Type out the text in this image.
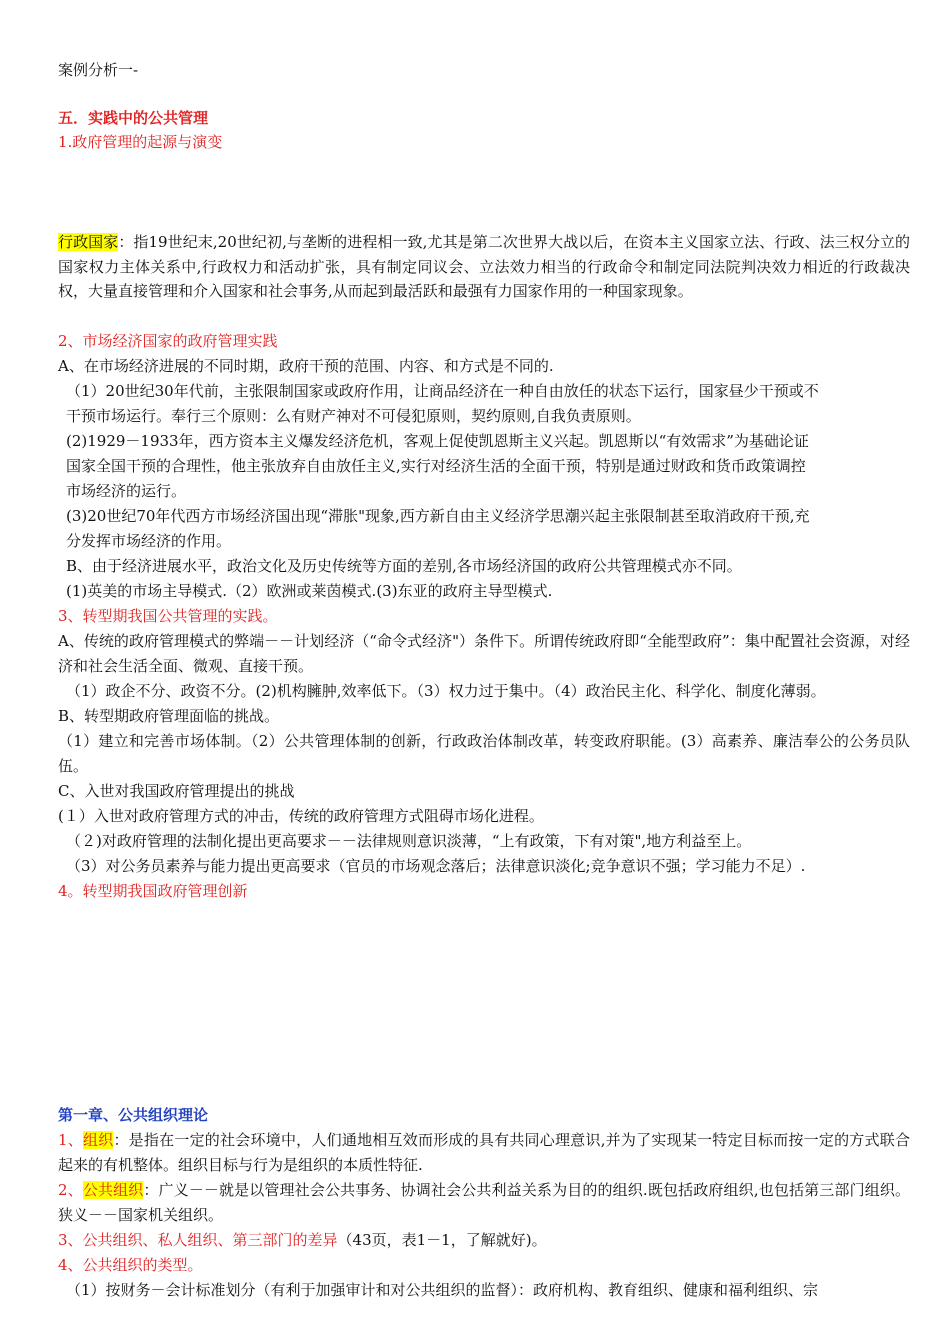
案例分析一-
五．实践中的公共管理
1.政府管理的起源与演变
行政国家：指19世纪末,20世纪初,与垄断的进程相一致,尤其是第二次世界大战以后，在资本主义国家立法、行政、法三权分立的国家权力主体关系中,行政权力和活动扩张，具有制定同议会、立法效力相当的行政命令和制定同法院判决效力相近的行政裁决权，大量直接管理和介入国家和社会事务,从而起到最活跃和最强有力国家作用的一种国家现象。
2、市场经济国家的政府管理实践
A、在市场经济进展的不同时期，政府干预的范围、内容、和方式是不同的.
（1）20世纪30年代前，主张限制国家或政府作用，让商品经济在一种自由放任的状态下运行，国家昼少干预或不
干预市场运行。奉行三个原则：么有财产神对不可侵犯原则，契约原则,自我负责原则。
(2)1929－1933年，西方资本主义爆发经济危机，客观上促使凯恩斯主义兴起。凯恩斯以“有效需求”为基础论证
国家全国干预的合理性，他主张放弃自由放任主义,实行对经济生活的全面干预，特别是通过财政和货币政策调控
市场经济的运行。
(3)20世纪70年代西方市场经济国出现“滞胀"现象,西方新自由主义经济学思潮兴起主张限制甚至取消政府干预,充
分发挥市场经济的作用。
B、由于经济进展水平，政治文化及历史传统等方面的差别,各市场经济国的政府公共管理模式亦不同。
(1)英美的市场主导模式.（2）欧洲或莱茵模式.(3)东亚的政府主导型模式.
3、转型期我国公共管理的实践。
A、传统的政府管理模式的弊端－－计划经济（“命令式经济"）条件下。所谓传统政府即“全能型政府”：集中配置社会资源，对经济和社会生活全面、微观、直接干预。
（1）政企不分、政资不分。(2)机构臃肿,效率低下。（3）权力过于集中。（4）政治民主化、科学化、制度化薄弱。
B、转型期政府管理面临的挑战。
（1）建立和完善市场体制。（2）公共管理体制的创新，行政政治体制改革，转变政府职能。(3）高素养、廉洁奉公的公务员队伍。
C、入世对我国政府管理提出的挑战
(１）入世对政府管理方式的冲击，传统的政府管理方式阻碍市场化进程。
（２)对政府管理的法制化提出更高要求－－法律规则意识淡薄，“上有政策，下有对策",地方利益至上。
（3）对公务员素养与能力提出更高要求（官员的市场观念落后；法律意识淡化;竞争意识不强；学习能力不足）.
4。转型期我国政府管理创新
第一章、公共组织理论
1、组织：是指在一定的社会环境中，人们通地相互效而形成的具有共同心理意识,并为了实现某一特定目标而按一定的方式联合起来的有机整体。组织目标与行为是组织的本质性特征.
2、公共组织：广义－－就是以管理社会公共事务、协调社会公共利益关系为目的的组织.既包括政府组织,也包括第三部门组织。狭义－－国家机关组织。
3、公共组织、私人组织、第三部门的差异（43页，表1－1，了解就好)。
4、公共组织的类型。
（1）按财务－会计标准划分（有利于加强审计和对公共组织的监督）：政府机构、教育组织、健康和福利组织、宗
